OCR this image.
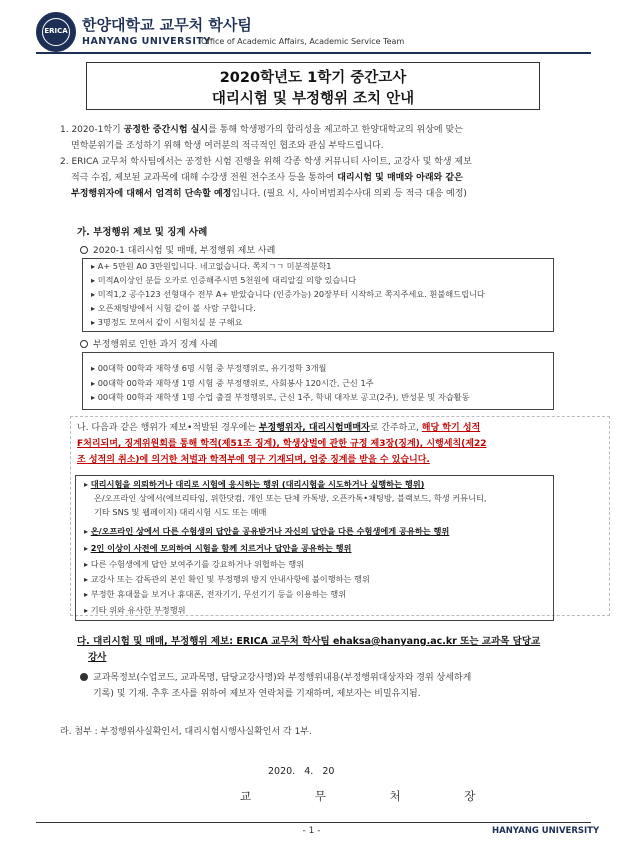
ERICA 한양대학교 교무처 학사팀
HANYANG UNIVERSITY
Office of Academic Affairs, Academic Service Team
2020학년도 1학기 중간고사
대리시험 및 부정행위 조치 안내
1. 2020-1학기 공정한 중간시험 실시를 통해 학생평가의 합리성을 제고하고 한양대학교의 위상에 맞는
면학분위기를 조성하기 위해 학생 여러분의 적극적인 협조와 관심 부탁드립니다.
2. ERICA 교무처 학사팀에서는 공정한 시험 진행을 위해 각종 학생 커뮤니티 사이트, 교강사 및 학생 제보
적극 수집, 제보된 교과목에 대해 수강생 전원 전수조사 등을 통하여 대리시험 및 매매와 아래와 같은
부정행위자에 대해서 엄격히 단속할 예정입니다. (필요 시, 사이버범죄수사대 의뢰 등 적극 대응 예정)
가. 부정행위 제보 및 징계 사례
2020-1 대리시험 및 매매, 부정행위 제보 사례
▸ A+ 5만원 A0 3만원입니다. 네고없습니다. 쪽지ㄱㄱ 미분적분학1
▸ 미적A이상인 분들 오카로 인증해주시면 5천원에 대리알길 의향 있습니다
▸ 미적1,2 공수123 선형대수 전부 A+ 받았습니다 (인증가능) 20장부터 시작하고 쪽지주세요. 흰불해드립니다
▸ 오픈채팅방에서 시험 같이 볼 사람 구합니다.
▸ 3명정도 모여서 같이 시험치실 분 구해요
부정행위로 인한 과거 징계 사례
▸ 00대학 00학과 재학생 6명 시험 중 부정행위로, 유기정학 3개월
▸ 00대학 00학과 재학생 1명 시험 중 부정행위로, 사회봉사 120시간, 근신 1주
▸ 00대학 00학과 재학생 1명 수업 출결 부정행위로, 근신 1주, 학내 대자보 공고(2주), 반성문 및 자습활동
나. 다음과 같은 행위가 제보•적발된 경우에는 부정행위자, 대리시험매매자로 간주하고, 해당 학기 성적
F처리되며, 징계위원회를 통해 학적(제51조 징계), 학생상벌에 관한 규정 제3장(징계), 시행세칙(제22
조 성적의 취소)에 의거한 처벌과 학적부에 영구 기재되며, 엄중 징계를 받을 수 있습니다.
▸ 대리시험을 의뢰하거나 대리로 시험에 응시하는 행위 (대리시험을 시도하거나 실행하는 행위)
온/오프라인 상에서(에브리타임, 위한닷컴, 개인 또는 단체 카톡방, 오픈카톡•채팅방, 블랙보드, 학생 커뮤니티,
기타 SNS 및 웹페이지) 대리시험 시도 또는 매매
▸ 온/오프라인 상에서 다른 수험생의 답안을 공유받거나 자신의 답안을 다른 수험생에게 공유하는 행위
▸ 2인 이상이 사전에 모의하여 시험을 함께 치르거나 답안을 공유하는 행위
▸ 다른 수험생에게 답안 보여주기를 강요하거나 위협하는 행위
▸ 교강사 또는 감독관의 본인 확인 및 부정행위 방지 안내사항에 불이행하는 행위
▸ 부정한 휴대물을 보거나 휴대폰, 전자기기, 무선기기 등을 이용하는 행위
▸ 기타 위와 유사한 부정행위
다. 대리시험 및 매매, 부정행위 제보: ERICA 교무처 학사팀 ehaksa@hanyang.ac.kr 또는 교과목 담당교
강사
교과목정보(수업코드, 교과목명, 담당교강사명)와 부정행위내용(부정행위대상자와 경위 상세하게
기록) 및 기재. 추후 조사를 위하여 제보자 연락처를 기재하며, 제보자는 비밀유지됨.
라. 첨부 : 부정행위사실확인서, 대리시험시행사실확인서 각 1부.
2020.   4.   20
교 무 처 장
- 1 -	HANYANG UNIVERSITY
